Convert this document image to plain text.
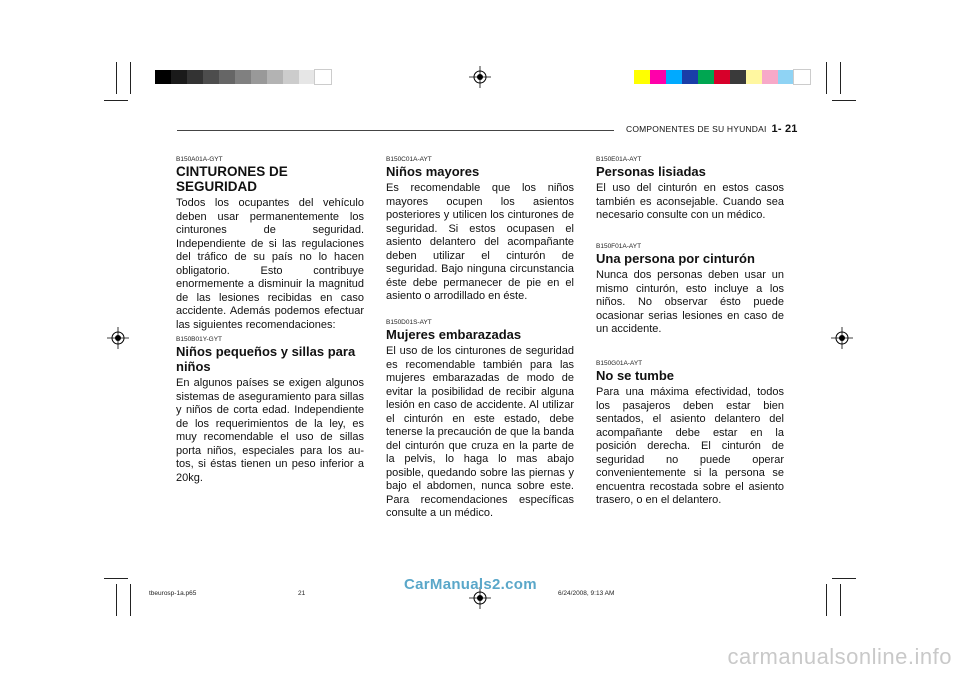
COMPONENTES DE SU HYUNDAI 1- 21

B150A01A-GYT

CINTURONES DE SEGURIDAD

Todos los ocupantes del vehículo deben usar permanentemente los cinturones de seguridad. Independiente de si las regulaciones del tráfico de su país no lo hacen obligatorio. Esto contribuye enormemente a disminuir la magnitud de las lesiones recibidas en caso accidente. Además podemos efectuar las siguientes recomendaciones:

B150B01Y-GYT

Niños pequeños y sillas para niños

En algunos países se exigen algunos sistemas de aseguramiento para sillas y niños de corta edad. Independiente de los requerimientos de la ley, es muy recomendable el uso de sillas porta niños, especiales para los au-tos, si éstas tienen un peso inferior a 20kg.

B150C01A-AYT

Niños mayores

Es recomendable que los niños mayores ocupen los asientos posteriores y utilicen los cinturones de seguridad. Si estos ocupasen el asiento delantero del acompañante deben utilizar el cinturón de seguridad. Bajo ninguna circunstancia éste debe permanecer de pie en el asiento o arrodillado en éste.

B150D01S-AYT

Mujeres embarazadas

El uso de los cinturones de seguridad es recomendable también para las mujeres embarazadas de modo de evitar la posibilidad de recibir alguna lesión en caso de accidente. Al utilizar el cinturón en este estado, debe tenerse la precaución de que la banda del cinturón que cruza en la parte de la pelvis, lo haga lo mas abajo posible, quedando sobre las piernas y bajo el abdomen, nunca sobre este. Para recomendaciones específicas consulte a un médico.

B150E01A-AYT

Personas lisiadas

El uso del cinturón en estos casos también es aconsejable. Cuando sea necesario consulte con un médico.

B150F01A-AYT

Una persona por cinturón

Nunca dos personas deben usar un mismo cinturón, esto incluye a los niños. No observar ésto puede ocasionar serias lesiones en caso de un accidente.

B150G01A-AYT

No se tumbe

Para una máxima efectividad, todos los pasajeros deben estar bien sentados, el asiento delantero del acompañante debe estar en la posición derecha. El cinturón de seguridad no puede operar convenientemente si la persona se encuentra recostada sobre el asiento trasero, o en el delantero.

tbeurosp-1a.p65	21	6/24/2008, 9:13 AM
CarManuals2.com
carmanualsonline.info
